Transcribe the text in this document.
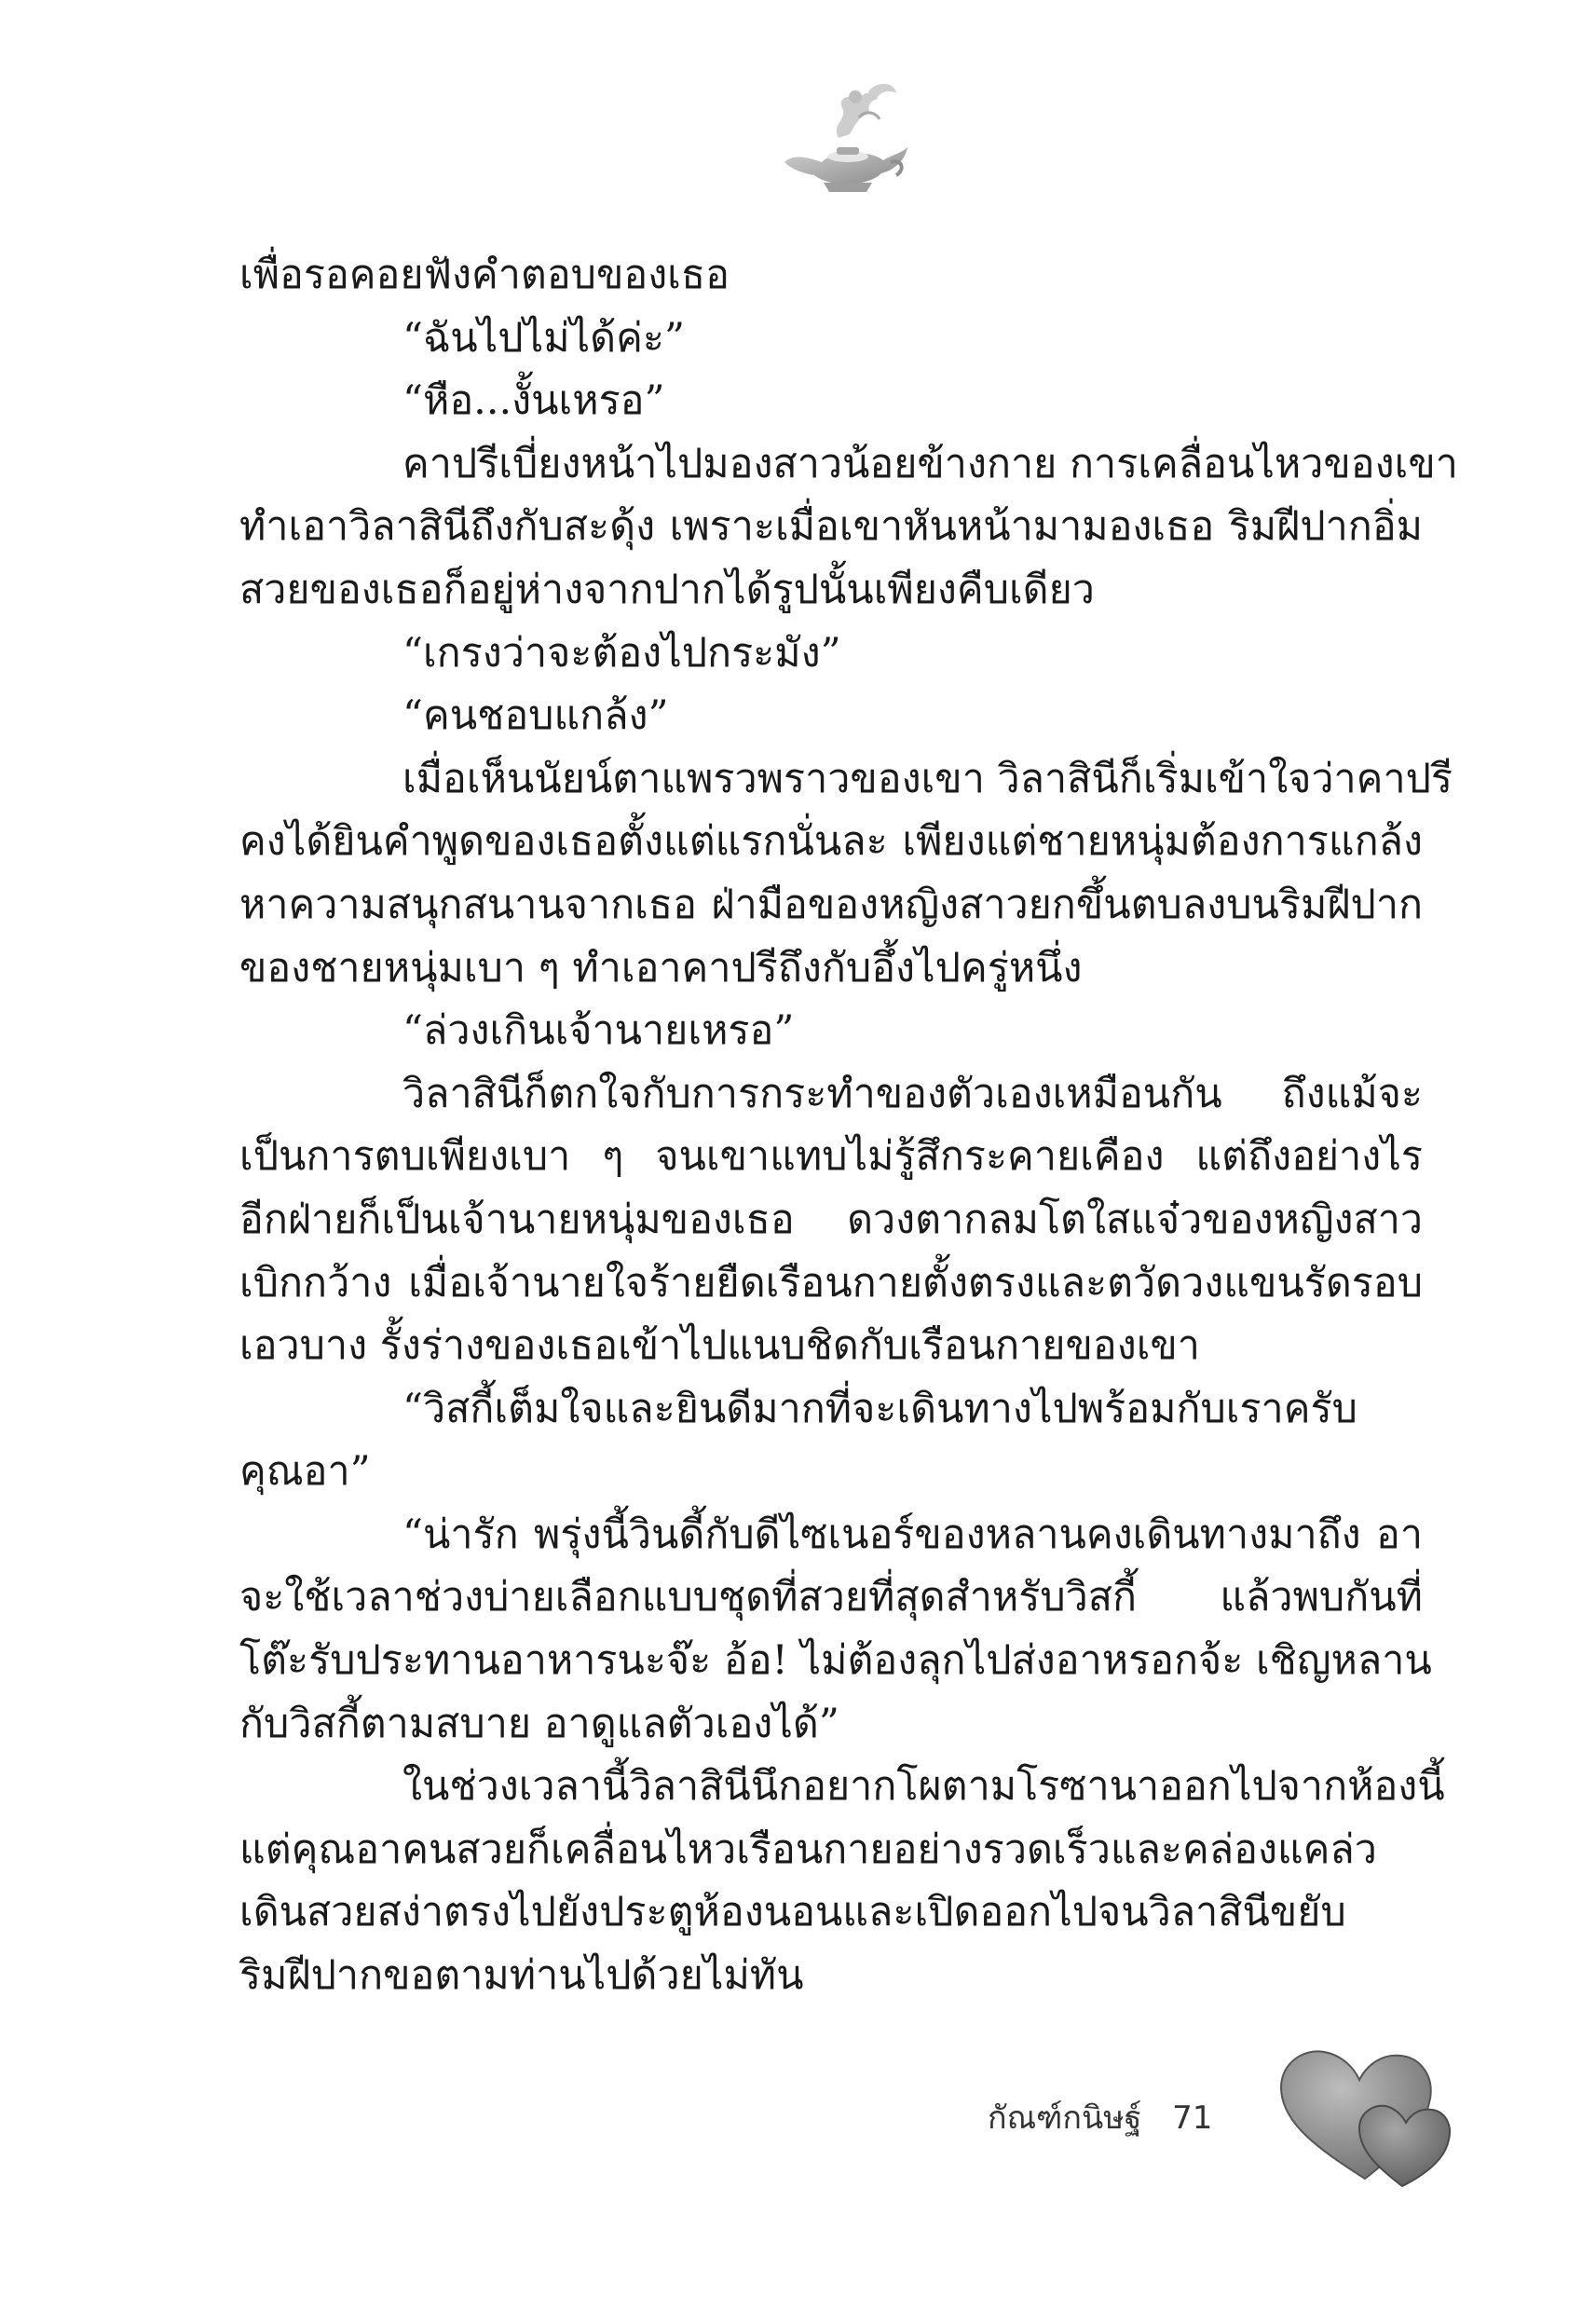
เพื่อรอคอยฟังคำตอบของเธอ
“ฉันไปไม่ได้ค่ะ”
“หือ...งั้นเหรอ”
คาปรีเบี่ยงหน้าไปมองสาวน้อยข้างกาย การเคลื่อนไหวของเขา
ทำเอาวิลาสินีถึงกับสะดุ้ง เพราะเมื่อเขาหันหน้ามามองเธอ ริมฝีปากอิ่ม
สวยของเธอก็อยู่ห่างจากปากได้รูปนั้นเพียงคืบเดียว
“เกรงว่าจะต้องไปกระมัง”
“คนชอบแกล้ง”
เมื่อเห็นนัยน์ตาแพรวพราวของเขา วิลาสินีก็เริ่มเข้าใจว่าคาปรี
คงได้ยินคำพูดของเธอตั้งแต่แรกนั่นละ เพียงแต่ชายหนุ่มต้องการแกล้ง
หาความสนุกสนานจากเธอ ฝ่ามือของหญิงสาวยกขึ้นตบลงบนริมฝีปาก
ของชายหนุ่มเบา ๆ ทำเอาคาปรีถึงกับอึ้งไปครู่หนึ่ง
“ล่วงเกินเจ้านายเหรอ”
วิลาสินีก็ตกใจกับการกระทำของตัวเองเหมือนกัน ถึงแม้จะ
เป็นการตบเพียงเบา ๆ จนเขาแทบไม่รู้สึกระคายเคือง แต่ถึงอย่างไร
อีกฝ่ายก็เป็นเจ้านายหนุ่มของเธอ ดวงตากลมโตใสแจ๋วของหญิงสาว
เบิกกว้าง เมื่อเจ้านายใจร้ายยืดเรือนกายตั้งตรงและตวัดวงแขนรัดรอบ
เอวบาง รั้งร่างของเธอเข้าไปแนบชิดกับเรือนกายของเขา
“วิสกี้เต็มใจและยินดีมากที่จะเดินทางไปพร้อมกับเราครับ
คุณอา”
“น่ารัก พรุ่งนี้วินดี้กับดีไซเนอร์ของหลานคงเดินทางมาถึง อา
จะใช้เวลาช่วงบ่ายเลือกแบบชุดที่สวยที่สุดสำหรับวิสกี้ แล้วพบกันที่
โต๊ะรับประทานอาหารนะจ๊ะ อ้อ! ไม่ต้องลุกไปส่งอาหรอกจ้ะ เชิญหลาน
กับวิสกี้ตามสบาย อาดูแลตัวเองได้”
ในช่วงเวลานี้วิลาสินีนึกอยากโผตามโรซานาออกไปจากห้องนี้
แต่คุณอาคนสวยก็เคลื่อนไหวเรือนกายอย่างรวดเร็วและคล่องแคล่ว
เดินสวยสง่าตรงไปยังประตูห้องนอนและเปิดออกไปจนวิลาสินีขยับ
ริมฝีปากขอตามท่านไปด้วยไม่ทัน
กัณฑ์กนิษฐ์ 71
